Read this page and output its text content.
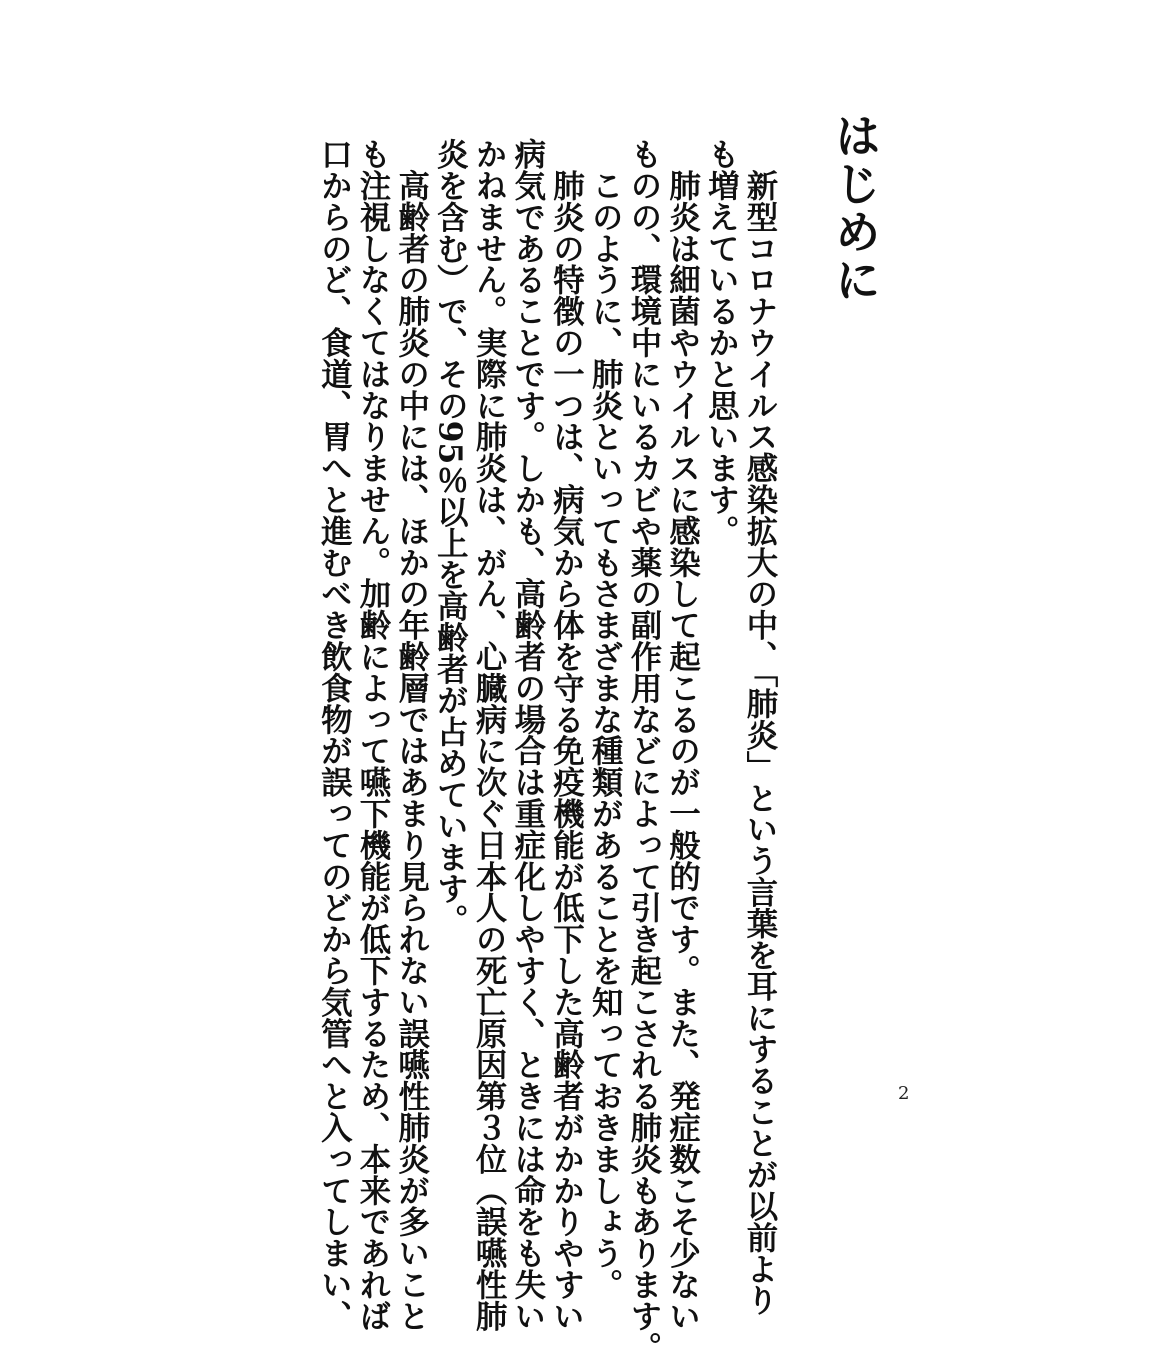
はじめに
　新型コロナウイルス感染拡大の中、「肺炎」という言葉を耳にすることが以前より
も増えているかと思います。
　肺炎は細菌やウイルスに感染して起こるのが一般的です。また、発症数こそ少ない
ものの、環境中にいるカビや薬の副作用などによって引き起こされる肺炎もあります。
　このように、肺炎といってもさまざまな種類があることを知っておきましょう。
　肺炎の特徴の一つは、病気から体を守る免疫機能が低下した高齢者がかかりやすい
病気であることです。しかも、高齢者の場合は重症化しやすく、ときには命をも失い
かねません。実際に肺炎は、がん、心臓病に次ぐ日本人の死亡原因第３位（誤嚥性肺
炎を含む）で、その95％以上を高齢者が占めています。
　高齢者の肺炎の中には、ほかの年齢層ではあまり見られない誤嚥性肺炎が多いこと
も注視しなくてはなりません。加齢によって嚥下機能が低下するため、本来であれば
口からのど、食道、胃へと進むべき飲食物が誤ってのどから気管へと入ってしまい、	2
